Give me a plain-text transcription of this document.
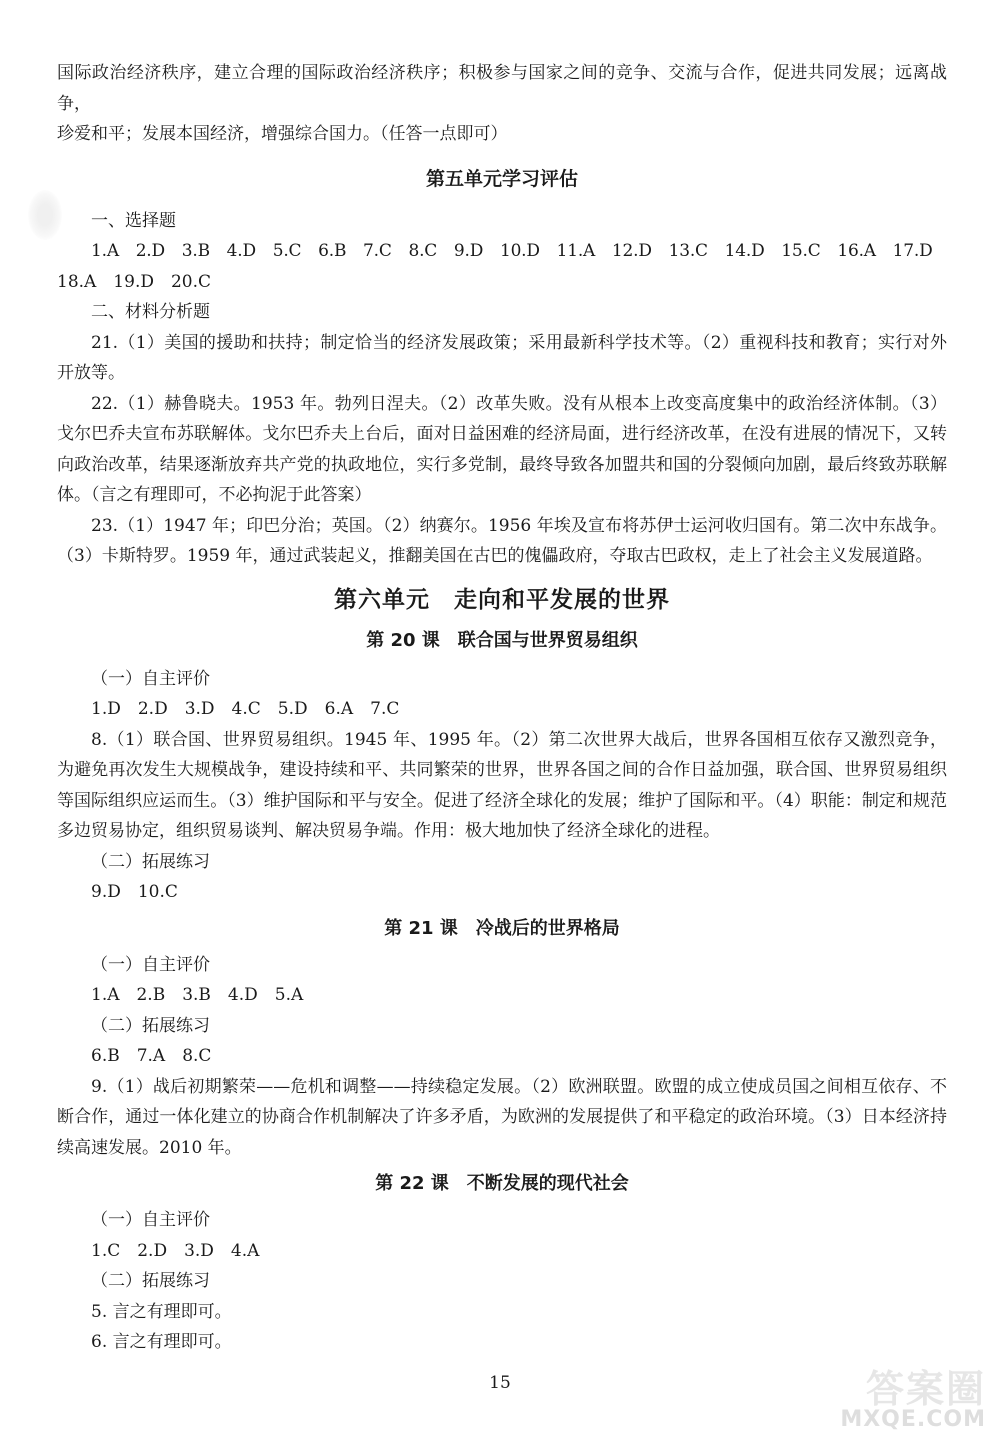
国际政治经济秩序，建立合理的国际政治经济秩序；积极参与国家之间的竞争、交流与合作，促进共同发展；远离战争，

珍爱和平；发展本国经济，增强综合国力。（任答一点即可）

第五单元学习评估

一、选择题

1.A　2.D　3.B　4.D　5.C　6.B　7.C　8.C　9.D　10.D　11.A　12.D　13.C　14.D　15.C　16.A　17.D

18.A　19.D　20.C

二、材料分析题

21.（1）美国的援助和扶持；制定恰当的经济发展政策；采用最新科学技术等。（2）重视科技和教育；实行对外开放等。

22.（1）赫鲁晓夫。1953 年。勃列日涅夫。（2）改革失败。没有从根本上改变高度集中的政治经济体制。（3）戈尔巴乔夫宣布苏联解体。戈尔巴乔夫上台后，面对日益困难的经济局面，进行经济改革，在没有进展的情况下，又转向政治改革，结果逐渐放弃共产党的执政地位，实行多党制，最终导致各加盟共和国的分裂倾向加剧，最后终致苏联解体。（言之有理即可，不必拘泥于此答案）

23.（1）1947 年；印巴分治；英国。（2）纳赛尔。1956 年埃及宣布将苏伊士运河收归国有。第二次中东战争。（3）卡斯特罗。1959 年，通过武装起义，推翻美国在古巴的傀儡政府，夺取古巴政权，走上了社会主义发展道路。

第六单元　走向和平发展的世界
第 20 课　联合国与世界贸易组织

（一）自主评价

1.D　2.D　3.D　4.C　5.D　6.A　7.C

8.（1）联合国、世界贸易组织。1945 年、1995 年。（2）第二次世界大战后，世界各国相互依存又激烈竞争，为避免再次发生大规模战争，建设持续和平、共同繁荣的世界，世界各国之间的合作日益加强，联合国、世界贸易组织等国际组织应运而生。（3）维护国际和平与安全。促进了经济全球化的发展；维护了国际和平。（4）职能：制定和规范多边贸易协定，组织贸易谈判、解决贸易争端。作用：极大地加快了经济全球化的进程。

（二）拓展练习

9.D　10.C

第 21 课　冷战后的世界格局

（一）自主评价

1.A　2.B　3.B　4.D　5.A

（二）拓展练习

6.B　7.A　8.C

9.（1）战后初期繁荣——危机和调整——持续稳定发展。（2）欧洲联盟。欧盟的成立使成员国之间相互依存、不断合作，通过一体化建立的协商合作机制解决了许多矛盾，为欧洲的发展提供了和平稳定的政治环境。（3）日本经济持续高速发展。2010 年。

第 22 课　不断发展的现代社会

（一）自主评价

1.C　2.D　3.D　4.A

（二）拓展练习

5. 言之有理即可。

6. 言之有理即可。

15	答案圈
MXQE.COM
